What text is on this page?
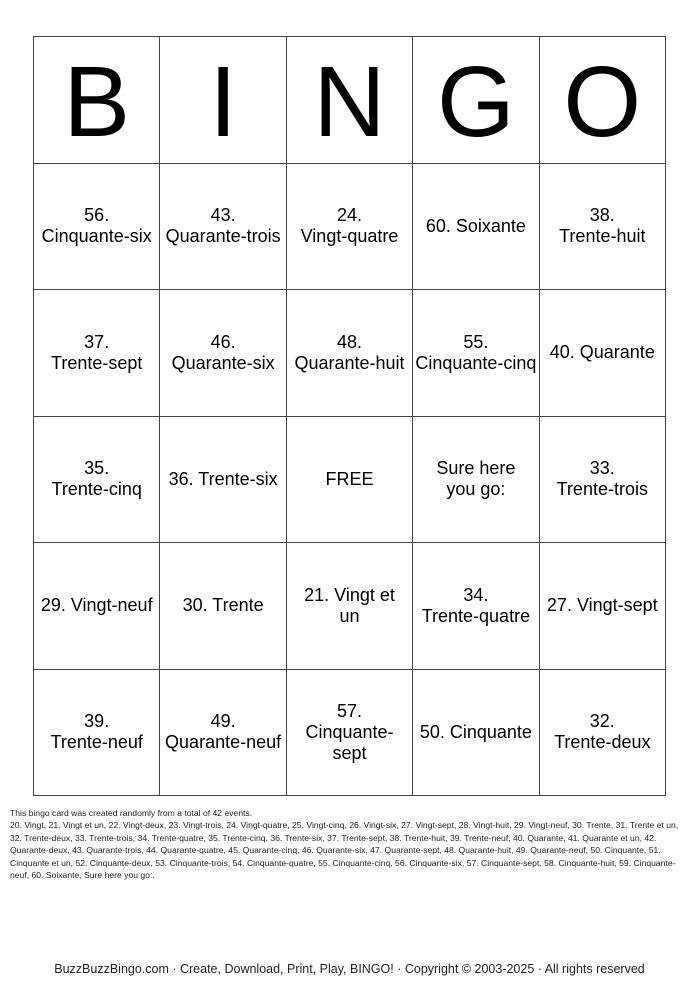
B I N G O
56.
Cinquante-six
43.
Quarante-trois
24.
Vingt-quatre
60. Soixante
38.
Trente-huit
37.
Trente-sept
46.
Quarante-six
48.
Quarante-huit
55.
Cinquante-cinq
40. Quarante
35.
Trente-cinq
36. Trente-six	FREE
Sure here
you go:
33.
Trente-trois
29. Vingt-neuf	30. Trente
21. Vingt et
un
34.
Trente-quatre
27. Vingt-sept
39.
Trente-neuf
49.
Quarante-neuf
57.
Cinquante-sept
50. Cinquante
32.
Trente-deux

This bingo card was created randomly from a total of 42 events.

20. Vingt, 21. Vingt et un, 22. Vingt-deux, 23. Vingt-trois, 24. Vingt-quatre, 25. Vingt-cinq, 26. Vingt-six, 27. Vingt-sept, 28. Vingt-huit, 29. Vingt-neuf, 30. Trente, 31. Trente et un, 32. Trente-deux, 33. Trente-trois, 34. Trente-quatre, 35. Trente-cinq, 36. Trente-six, 37. Trente-sept, 38. Trente-huit, 39. Trente-neuf, 40. Quarante, 41. Quarante et un, 42. Quarante-deux, 43. Quarante-trois, 44. Quarante-quatre, 45. Quarante-cinq, 46. Quarante-six, 47. Quarante-sept, 48. Quarante-huit, 49. Quarante-neuf, 50. Cinquante, 51. Cinquante et un, 52. Cinquante-deux, 53. Cinquante-trois, 54. Cinquante-quatre, 55. Cinquante-cinq, 56. Cinquante-six, 57. Cinquante-sept, 58. Cinquante-huit, 59. Cinquante-neuf, 60. Soixante, Sure here you go:.

BuzzBuzzBingo.com · Create, Download, Print, Play, BINGO! · Copyright © 2003-2025 · All rights reserved
